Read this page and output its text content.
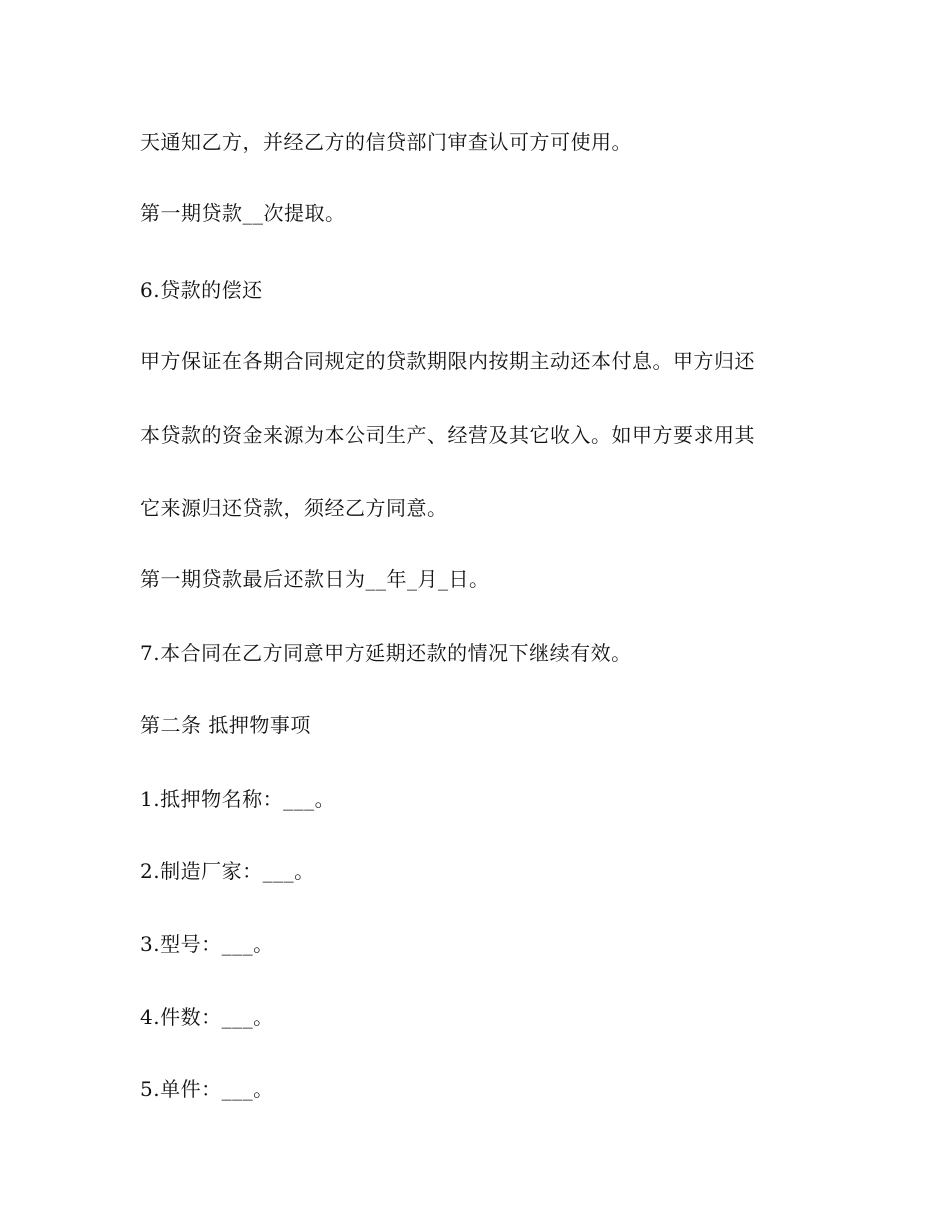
天通知乙方，并经乙方的信贷部门审查认可方可使用。
第一期贷款__次提取。
6.贷款的偿还
甲方保证在各期合同规定的贷款期限内按期主动还本付息。甲方归还
本贷款的资金来源为本公司生产、经营及其它收入。如甲方要求用其
它来源归还贷款，须经乙方同意。
第一期贷款最后还款日为__年_月_日。
7.本合同在乙方同意甲方延期还款的情况下继续有效。
第二条 抵押物事项
1.抵押物名称：___。
2.制造厂家：___。
3.型号：___。
4.件数：___。
5.单件：___。
